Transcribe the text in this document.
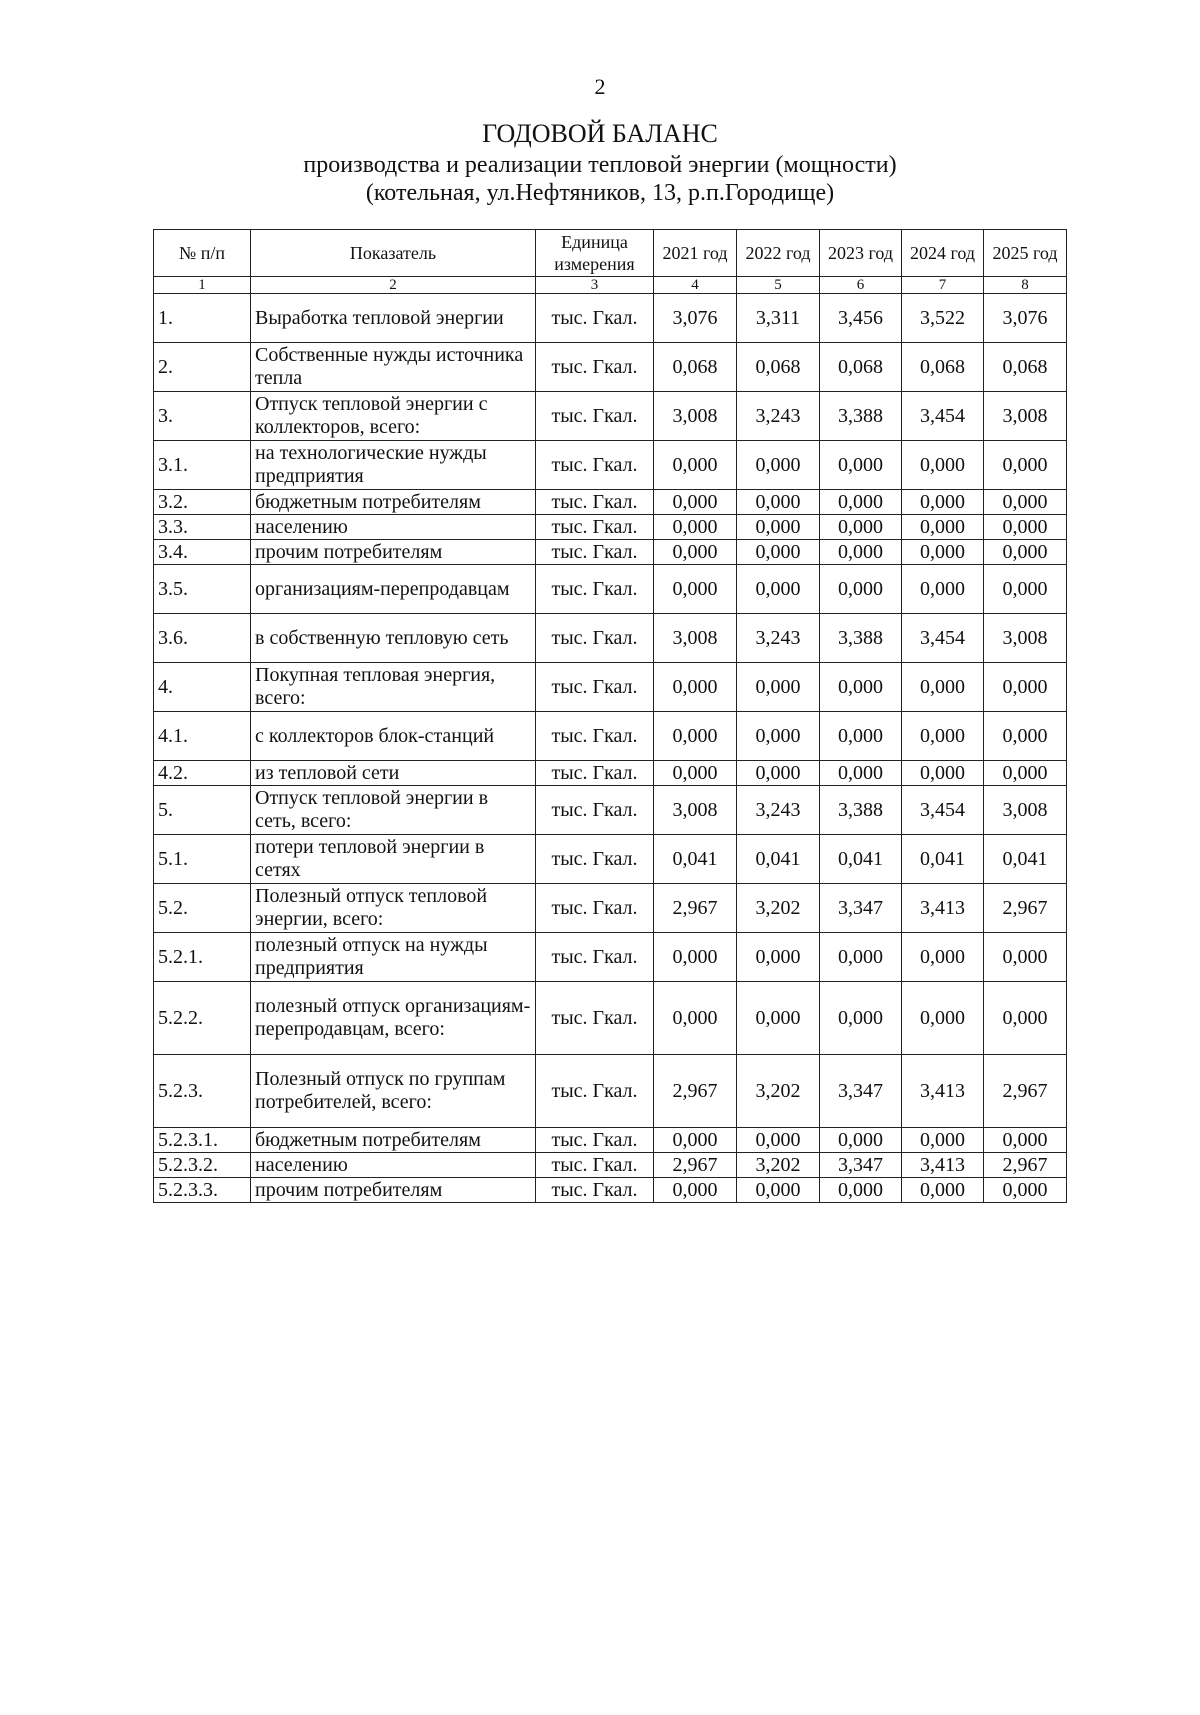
2
ГОДОВОЙ БАЛАНС
производства и реализации тепловой энергии (мощности)
(котельная, ул.Нефтяников, 13, р.п.Городище)
№ п/п	Показатель	Единица измерения	2021 год	2022 год	2023 год	2024 год	2025 год
1	2	3	4	5	6	7	8
1.	Выработка тепловой энергии	тыс. Гкал.	3,076	3,311	3,456	3,522	3,076
2.	Собственные нужды источника тепла	тыс. Гкал.	0,068	0,068	0,068	0,068	0,068
3.	Отпуск тепловой энергии с коллекторов, всего:	тыс. Гкал.	3,008	3,243	3,388	3,454	3,008
3.1.	на технологические нужды предприятия	тыс. Гкал.	0,000	0,000	0,000	0,000	0,000
3.2.	бюджетным потребителям	тыс. Гкал.	0,000	0,000	0,000	0,000	0,000
3.3.	населению	тыс. Гкал.	0,000	0,000	0,000	0,000	0,000
3.4.	прочим потребителям	тыс. Гкал.	0,000	0,000	0,000	0,000	0,000
3.5.	организациям-перепродавцам	тыс. Гкал.	0,000	0,000	0,000	0,000	0,000
3.6.	в собственную тепловую сеть	тыс. Гкал.	3,008	3,243	3,388	3,454	3,008
4.	Покупная тепловая энергия, всего:	тыс. Гкал.	0,000	0,000	0,000	0,000	0,000
4.1.	с коллекторов блок-станций	тыс. Гкал.	0,000	0,000	0,000	0,000	0,000
4.2.	из тепловой сети	тыс. Гкал.	0,000	0,000	0,000	0,000	0,000
5.	Отпуск тепловой энергии в сеть, всего:	тыс. Гкал.	3,008	3,243	3,388	3,454	3,008
5.1.	потери тепловой энергии в сетях	тыс. Гкал.	0,041	0,041	0,041	0,041	0,041
5.2.	Полезный отпуск тепловой энергии, всего:	тыс. Гкал.	2,967	3,202	3,347	3,413	2,967
5.2.1.	полезный отпуск на нужды предприятия	тыс. Гкал.	0,000	0,000	0,000	0,000	0,000
5.2.2.	полезный отпуск организациям-перепродавцам, всего:	тыс. Гкал.	0,000	0,000	0,000	0,000	0,000
5.2.3.	Полезный отпуск по группам потребителей, всего:	тыс. Гкал.	2,967	3,202	3,347	3,413	2,967
5.2.3.1.	бюджетным потребителям	тыс. Гкал.	0,000	0,000	0,000	0,000	0,000
5.2.3.2.	населению	тыс. Гкал.	2,967	3,202	3,347	3,413	2,967
5.2.3.3.	прочим потребителям	тыс. Гкал.	0,000	0,000	0,000	0,000	0,000
